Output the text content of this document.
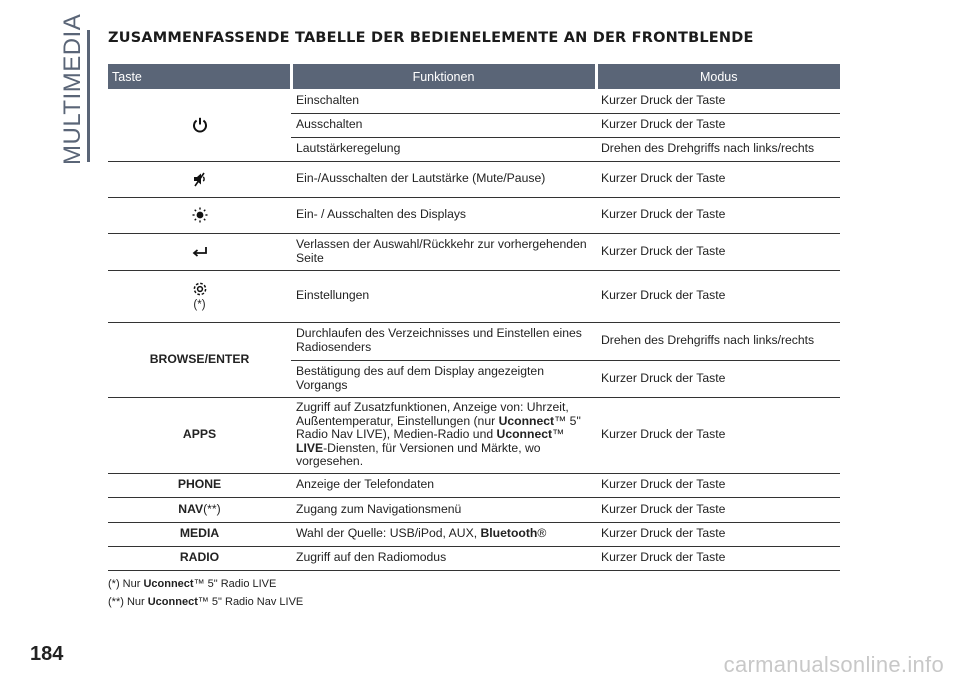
MULTIMEDIA ZUSAMMENFASSENDE TABELLE DER BEDIENELEMENTE AN DER FRONTBLENDE
Taste	Funktionen	Modus

	Einschalten	Kurzer Druck der Taste
	Ausschalten	Kurzer Druck der Taste
	Lautstärkeregelung	Drehen des Drehgriffs nach links/rechts

	Ein-/Ausschalten der Lautstärke (Mute/Pause)	Kurzer Druck der Taste

	Ein- / Ausschalten des Displays	Kurzer Druck der Taste

	Verlassen der Auswahl/Rückkehr zur vorhergehenden Seite	Kurzer Druck der Taste

(*)	Einstellungen	Kurzer Druck der Taste
BROWSE/ENTER	Durchlaufen des Verzeichnisses und Einstellen eines Radiosenders	Drehen des Drehgriffs nach links/rechts
	Bestätigung des auf dem Display angezeigten Vorgangs	Kurzer Druck der Taste
APPS	Zugriff auf Zusatzfunktionen, Anzeige von: Uhrzeit, Außentemperatur, Einstellungen (nur Uconnect™ 5" Radio Nav LIVE), Medien-Radio und Uconnect™ LIVE-Diensten, für Versionen und Märkte, wo vorgesehen.	Kurzer Druck der Taste
PHONE	Anzeige der Telefondaten	Kurzer Druck der Taste
NAV(**)	Zugang zum Navigationsmenü	Kurzer Druck der Taste
MEDIA	Wahl der Quelle: USB/iPod, AUX, Bluetooth®	Kurzer Druck der Taste
RADIO	Zugriff auf den Radiomodus	Kurzer Druck der Taste
(*) Nur Uconnect™ 5" Radio LIVE
(**) Nur Uconnect™ 5" Radio Nav LIVE
184	carmanualsonline.info
